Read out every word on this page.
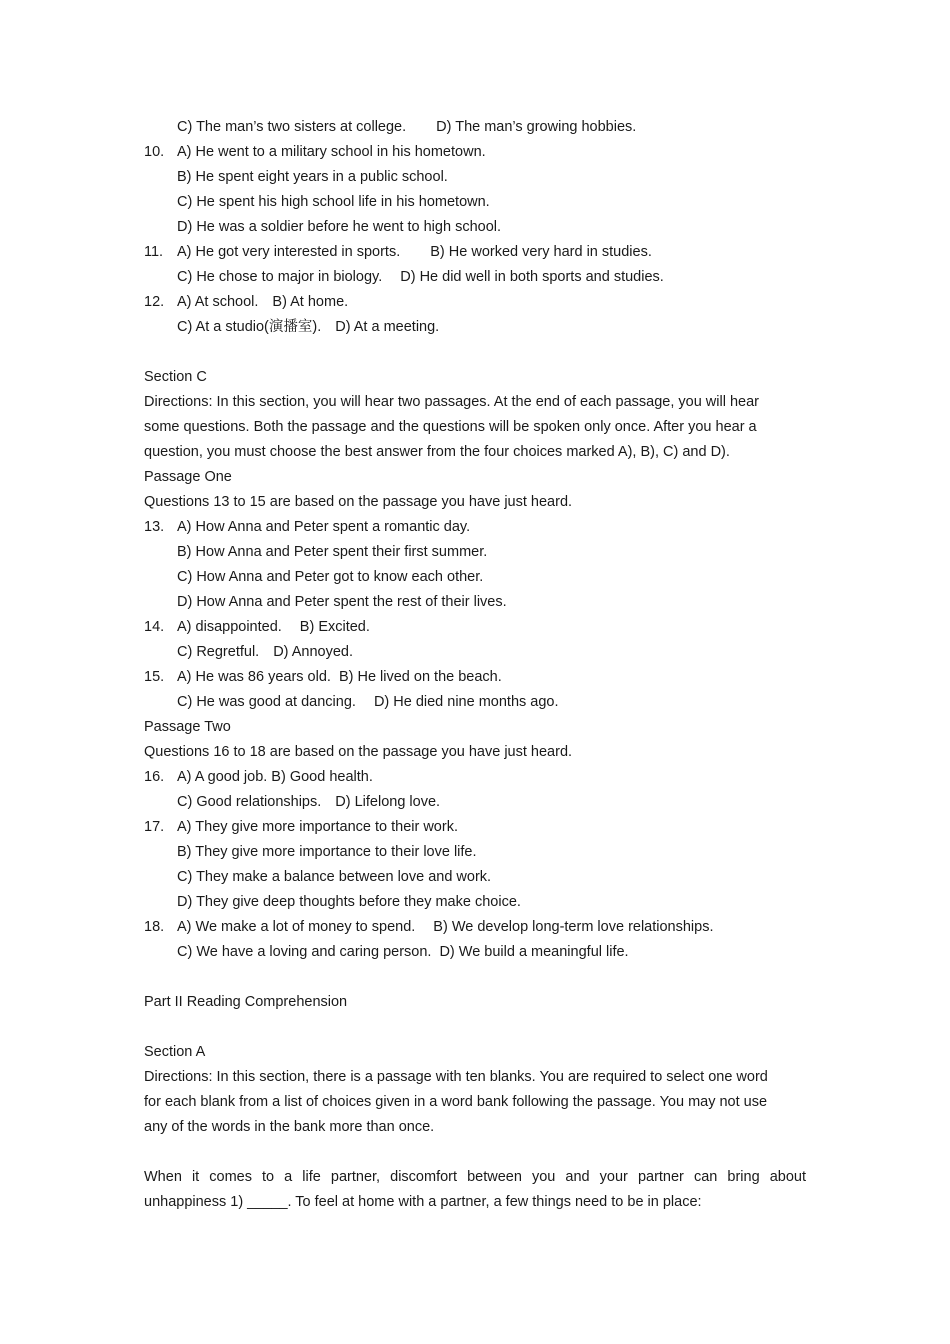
C) The man’s two sisters at college. D) The man’s growing hobbies.
10. A) He went to a military school in his hometown.
B) He spent eight years in a public school.
C) He spent his high school life in his hometown.
D) He was a soldier before he went to high school.
11. A) He got very interested in sports. B) He worked very hard in studies.
C) He chose to major in biology. D) He did well in both sports and studies.
12. A) At school. B) At home.
C) At a studio(演播室). D) At a meeting.
Section C
Directions: In this section, you will hear two passages. At the end of each passage, you will hear
some questions. Both the passage and the questions will be spoken only once. After you hear a
question, you must choose the best answer from the four choices marked A), B), C) and D).
Passage One
Questions 13 to 15 are based on the passage you have just heard.
13. A) How Anna and Peter spent a romantic day.
B) How Anna and Peter spent their first summer.
C) How Anna and Peter got to know each other.
D) How Anna and Peter spent the rest of their lives.
14. A) disappointed. B) Excited.
C) Regretful. D) Annoyed.
15. A) He was 86 years old. B) He lived on the beach.
C) He was good at dancing. D) He died nine months ago.
Passage Two
Questions 16 to 18 are based on the passage you have just heard.
16. A) A good job. B) Good health.
C) Good relationships. D) Lifelong love.
17. A) They give more importance to their work.
B) They give more importance to their love life.
C) They make a balance between love and work.
D) They give deep thoughts before they make choice.
18. A) We make a lot of money to spend. B) We develop long-term love relationships.
C) We have a loving and caring person. D) We build a meaningful life.
Part II Reading Comprehension
Section A
Directions: In this section, there is a passage with ten blanks. You are required to select one word
for each blank from a list of choices given in a word bank following the passage. You may not use
any of the words in the bank more than once.
When it comes to a life partner, discomfort between you and your partner can bring about
unhappiness 1) _____. To feel at home with a partner, a few things need to be in place:
